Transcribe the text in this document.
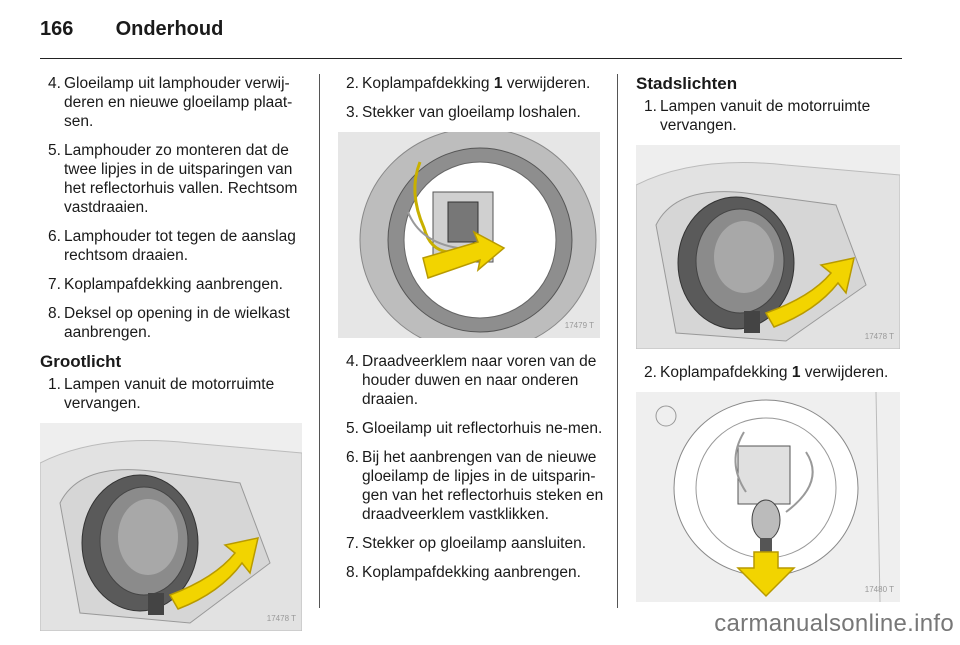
166 Onderhoud
4. Gloeilamp uit lamphouder verwij-deren en nieuwe gloeilamp plaat-sen.
5. Lamphouder zo monteren dat de twee lipjes in de uitsparingen van het reflectorhuis vallen. Rechtsom vastdraaien.
6. Lamphouder tot tegen de aanslag rechtsom draaien.
7. Koplampafdekking aanbrengen.
8. Deksel op opening in de wielkast aanbrengen.
Grootlicht
1. Lampen vanuit de motorruimte vervangen.
17478 T
2. Koplampafdekking 1 verwijderen.
3. Stekker van gloeilamp loshalen.
17479 T
4. Draadveerklem naar voren van de houder duwen en naar onderen draaien.
5. Gloeilamp uit reflectorhuis ne-men.
6. Bij het aanbrengen van de nieuwe gloeilamp de lipjes in de uitsparin-gen van het reflectorhuis steken en draadveerklem vastklikken.
7. Stekker op gloeilamp aansluiten.
8. Koplampafdekking aanbrengen.
Stadslichten
1. Lampen vanuit de motorruimte vervangen.
17478 T
2. Koplampafdekking 1 verwijderen.
17480 T
carmanualsonline.info
